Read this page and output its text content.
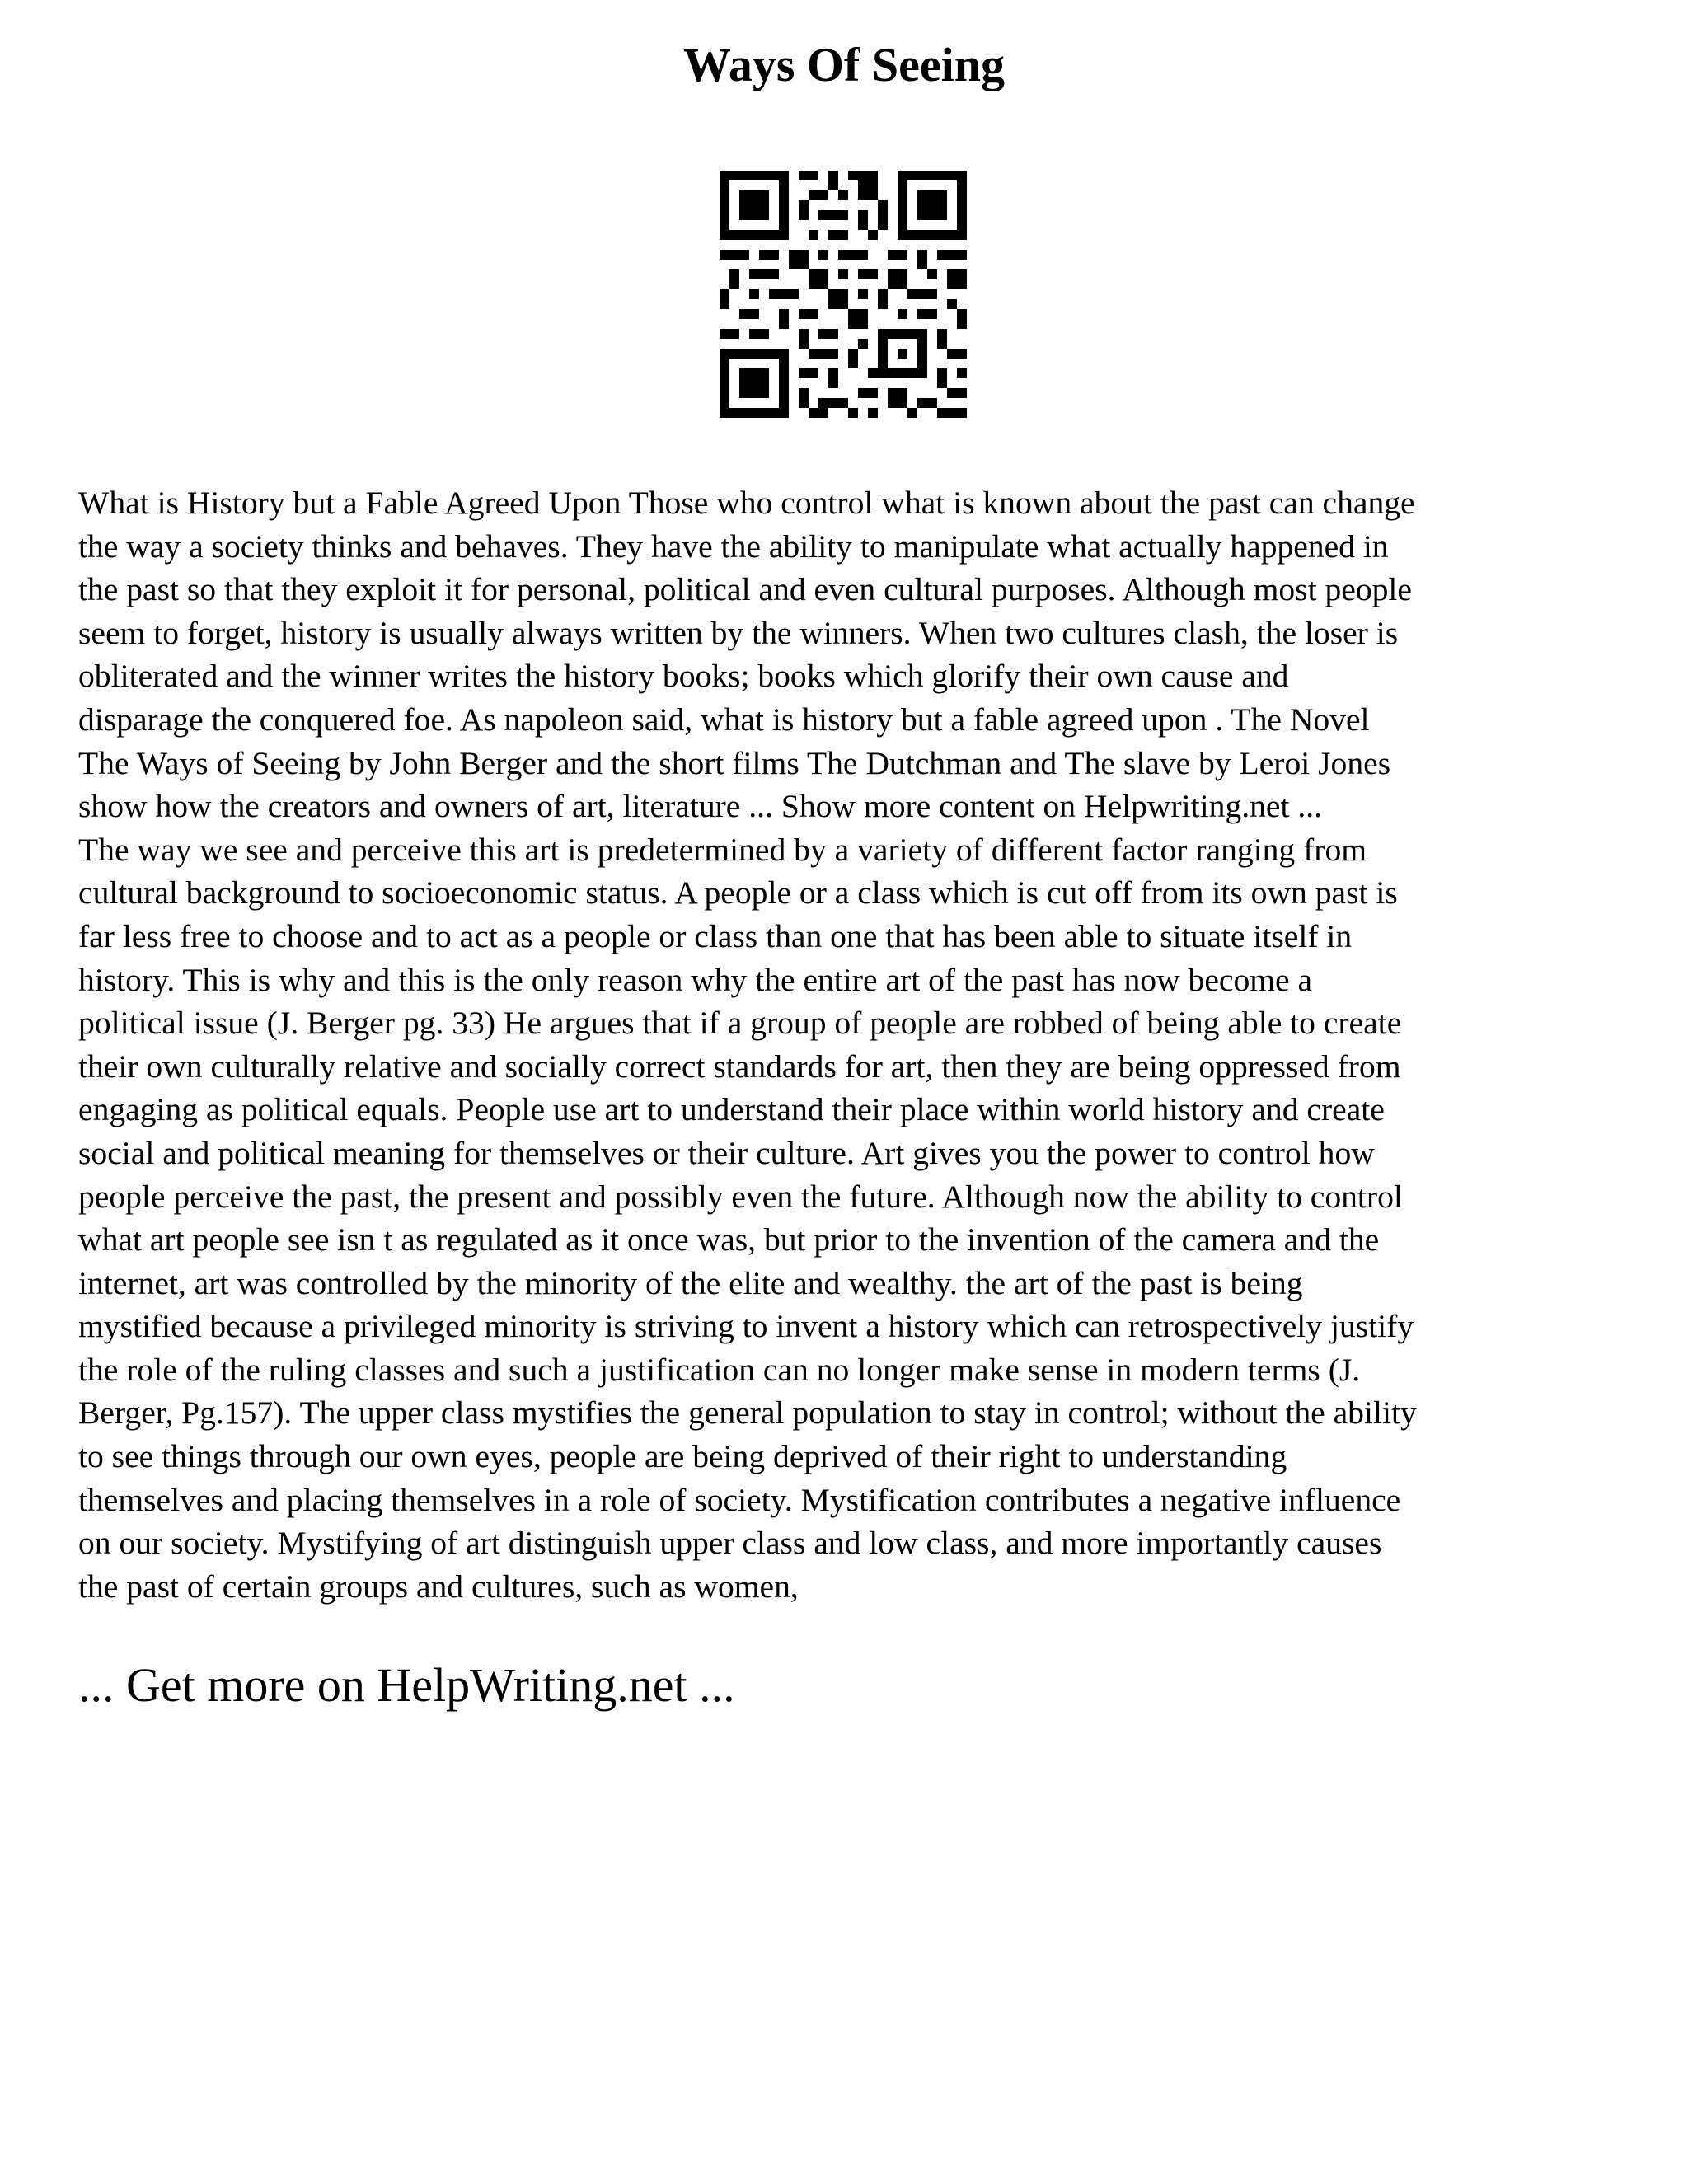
Ways Of Seeing
What is History but a Fable Agreed Upon Those who control what is known about the past can change
the way a society thinks and behaves. They have the ability to manipulate what actually happened in
the past so that they exploit it for personal, political and even cultural purposes. Although most people
seem to forget, history is usually always written by the winners. When two cultures clash, the loser is
obliterated and the winner writes the history books; books which glorify their own cause and
disparage the conquered foe. As napoleon said, what is history but a fable agreed upon . The Novel
The Ways of Seeing by John Berger and the short films The Dutchman and The slave by Leroi Jones
show how the creators and owners of art, literature ... Show more content on Helpwriting.net ...
The way we see and perceive this art is predetermined by a variety of different factor ranging from
cultural background to socioeconomic status. A people or a class which is cut off from its own past is
far less free to choose and to act as a people or class than one that has been able to situate itself in
history. This is why and this is the only reason why the entire art of the past has now become a
political issue (J. Berger pg. 33) He argues that if a group of people are robbed of being able to create
their own culturally relative and socially correct standards for art, then they are being oppressed from
engaging as political equals. People use art to understand their place within world history and create
social and political meaning for themselves or their culture. Art gives you the power to control how
people perceive the past, the present and possibly even the future. Although now the ability to control
what art people see isn t as regulated as it once was, but prior to the invention of the camera and the
internet, art was controlled by the minority of the elite and wealthy. the art of the past is being
mystified because a privileged minority is striving to invent a history which can retrospectively justify
the role of the ruling classes and such a justification can no longer make sense in modern terms (J.
Berger, Pg.157). The upper class mystifies the general population to stay in control; without the ability
to see things through our own eyes, people are being deprived of their right to understanding
themselves and placing themselves in a role of society. Mystification contributes a negative influence
on our society. Mystifying of art distinguish upper class and low class, and more importantly causes
the past of certain groups and cultures, such as women,

... Get more on HelpWriting.net ...
